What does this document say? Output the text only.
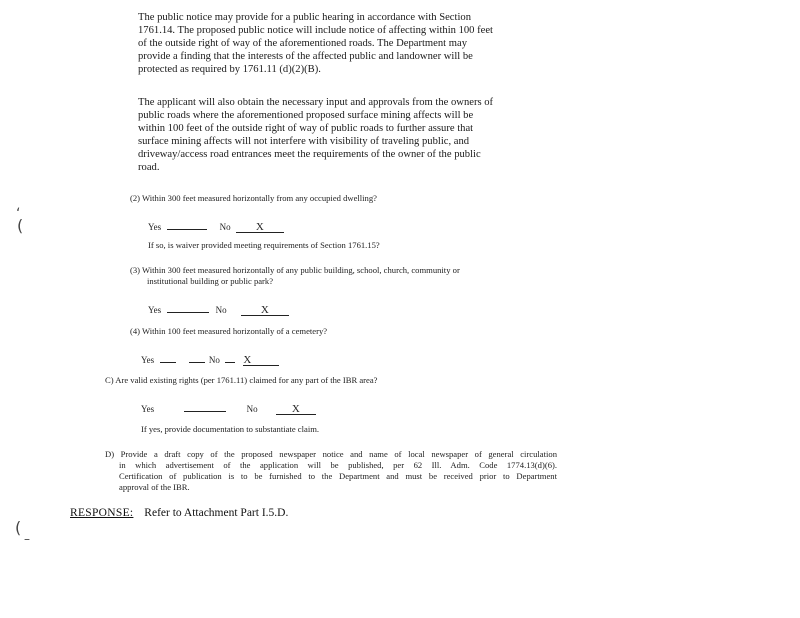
‘
(
(
–
The public notice may provide for a public hearing in accordance with Section
1761.14. The proposed public notice will include notice of affecting within 100 feet
of the outside right of way of the aforementioned roads. The Department may
provide a finding that the interests of the affected public and landowner will be
protected as required by 1761.11 (d)(2)(B).
The applicant will also obtain the necessary input and approvals from the owners of
public roads where the aforementioned proposed surface mining affects will be
within 100 feet of the outside right of way of public roads to further assure that
surface mining affects will not interfere with visibility of traveling public, and
driveway/access road entrances meet the requirements of the owner of the public
road.
(2) Within 300 feet measured horizontally from any occupied dwelling?
Yes	No X
If so, is waiver provided meeting requirements of Section 1761.15?
(3) Within 300 feet measured horizontally of any public building, school, church, community or
institutional building or public park?
Yes	No	X
(4) Within 100 feet measured horizontally of a cemetery?
Yes	No X
C) Are valid existing rights (per 1761.11) claimed for any part of the IBR area?
Yes	No	X
If yes, provide documentation to substantiate claim.
D) Provide a draft copy of the proposed newspaper notice and name of local newspaper of general circulation
in which advertisement of the application will be published, per 62 Ill. Adm. Code 1774.13(d)(6).
Certification of publication is to be furnished to the Department and must be received prior to Department
approval of the IBR.
RESPONSE: Refer to Attachment Part I.5.D.
